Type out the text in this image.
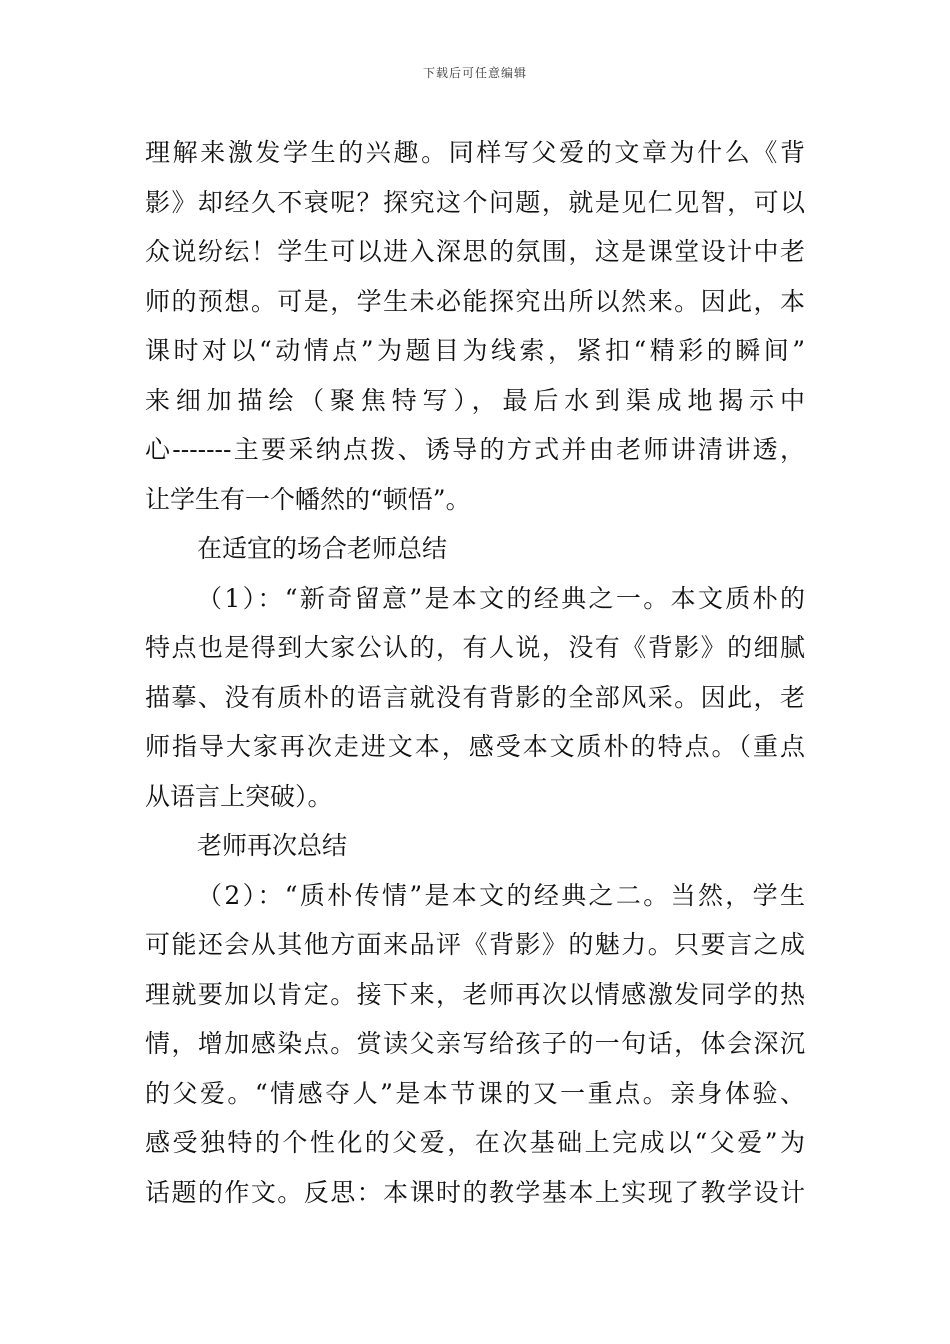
下载后可任意编辑
理解来激发学生的兴趣。同样写父爱的文章为什么《背
影》却经久不衰呢？探究这个问题，就是见仁见智，可以
众说纷纭！学生可以进入深思的氛围，这是课堂设计中老
师的预想。可是，学生未必能探究出所以然来。因此，本
课时对以“动情点”为题目为线索，紧扣“精彩的瞬间”
来细加描绘（聚焦特写），最后水到渠成地揭示中
心-------主要采纳点拨、诱导的方式并由老师讲清讲透，
让学生有一个幡然的“顿悟”。
在适宜的场合老师总结
（1）：“新奇留意”是本文的经典之一。本文质朴的
特点也是得到大家公认的，有人说，没有《背影》的细腻
描摹、没有质朴的语言就没有背影的全部风采。因此，老
师指导大家再次走进文本，感受本文质朴的特点。（重点
从语言上突破）。
老师再次总结
（2）：“质朴传情”是本文的经典之二。当然，学生
可能还会从其他方面来品评《背影》的魅力。只要言之成
理就要加以肯定。接下来，老师再次以情感激发同学的热
情，增加感染点。赏读父亲写给孩子的一句话，体会深沉
的父爱。“情感夺人”是本节课的又一重点。亲身体验、
感受独特的个性化的父爱，在次基础上完成以“父爱”为
话题的作文。反思：本课时的教学基本上实现了教学设计
